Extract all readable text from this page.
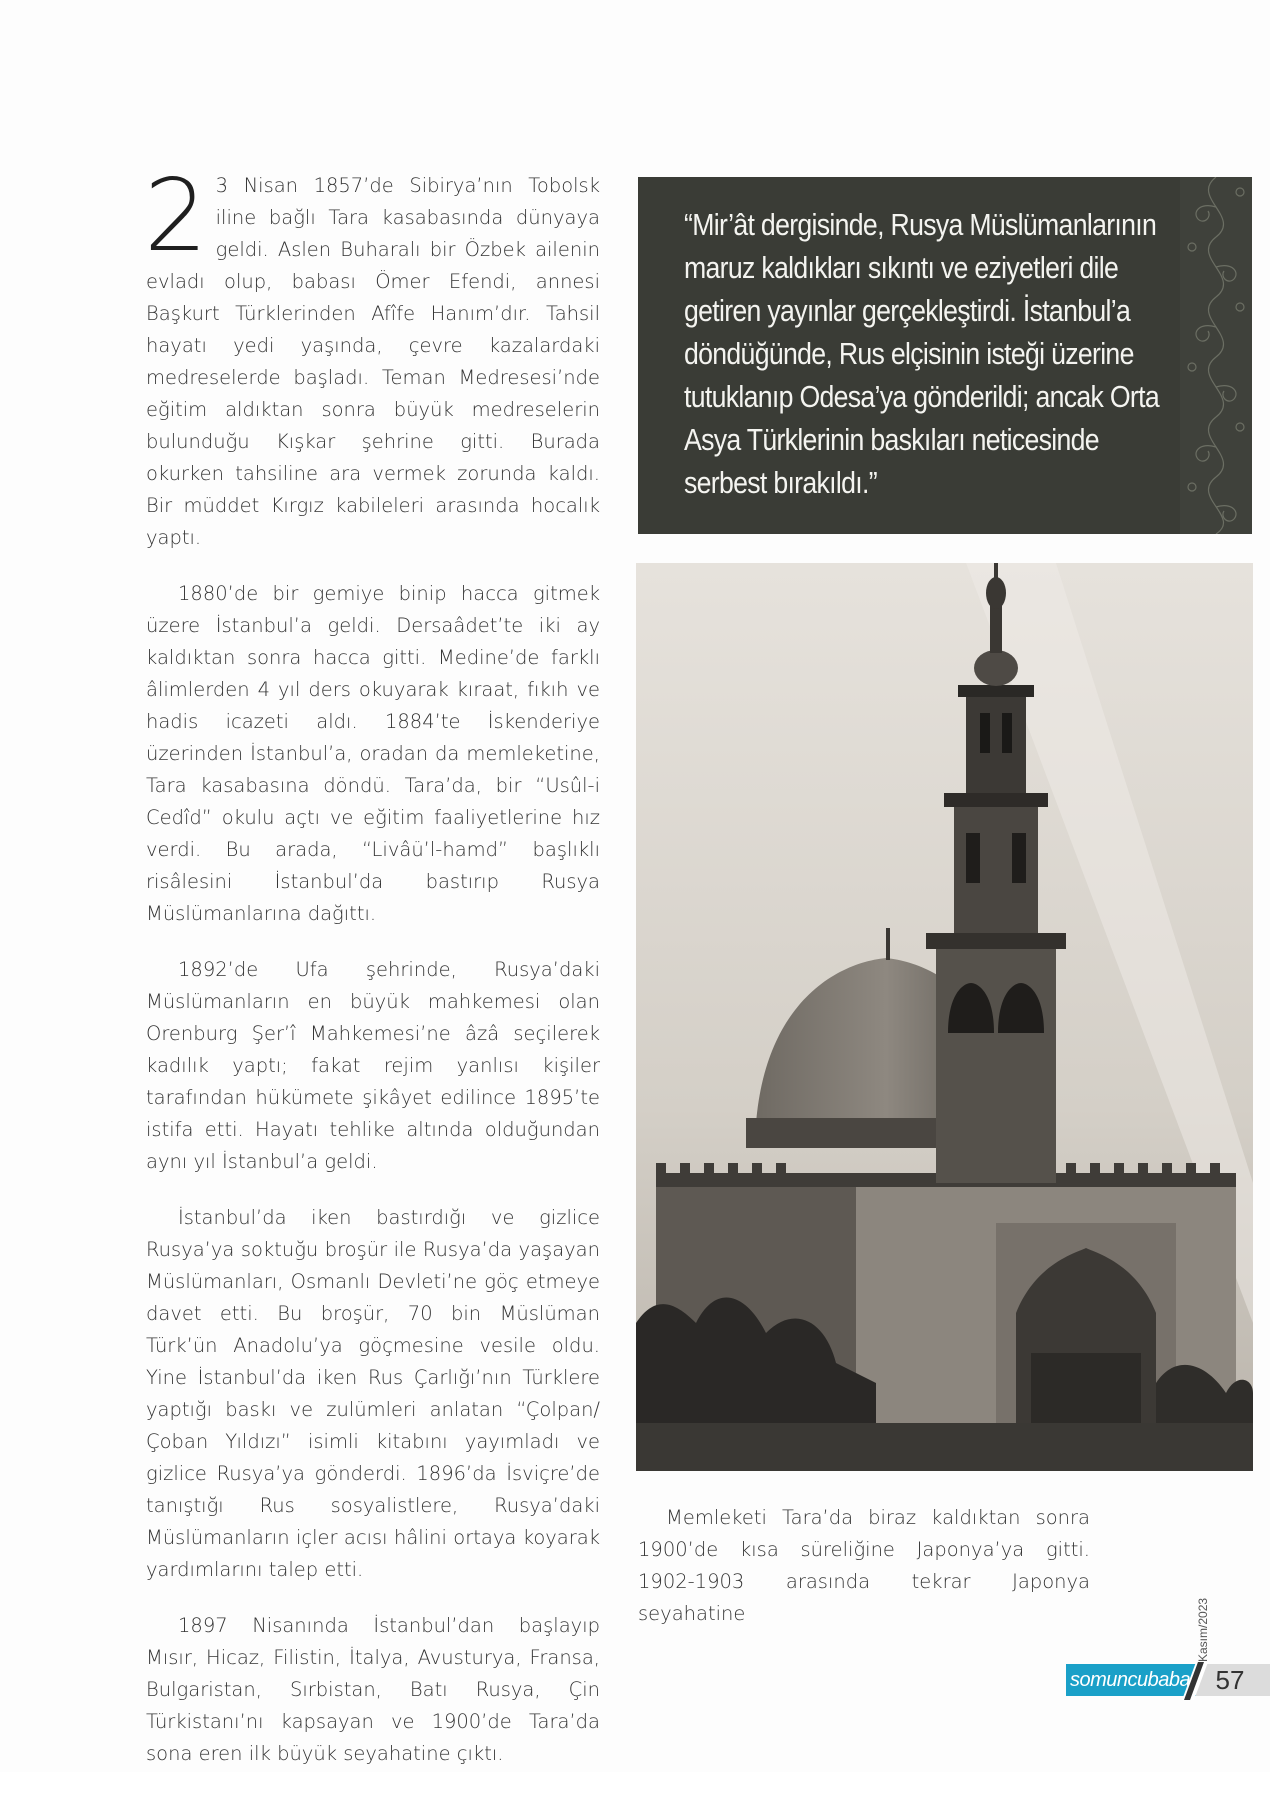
2 3 Nisan 1857’de Sibirya’nın Tobolsk iline bağlı Tara kasabasında dünyaya geldi. Aslen Buharalı bir Özbek ailenin evladı olup, babası Ömer Efendi, annesi Başkurt Türklerinden Afîfe Hanım’dır. Tahsil hayatı yedi yaşında, çevre kazalardaki medreselerde başladı. Teman Medresesi’nde eğitim aldıktan sonra büyük medreselerin bulunduğu Kışkar şehrine gitti. Burada okurken tahsiline ara vermek zorunda kaldı. Bir müddet Kırgız kabileleri arasında hocalık yaptı.

1880’de bir gemiye binip hacca gitmek üzere İstanbul’a geldi. Dersaâdet’te iki ay kaldıktan sonra hacca gitti. Medine’de farklı âlimlerden 4 yıl ders okuyarak kıraat, fıkıh ve hadis icazeti aldı. 1884’te İskenderiye üzerinden İstanbul’a, oradan da memleketine, Tara kasabasına döndü. Tara’da, bir “Usûl-i Cedîd” okulu açtı ve eğitim faaliyetlerine hız verdi. Bu arada, “Livâü’l-hamd” başlıklı risâlesini İstanbul’da bastırıp Rusya Müslümanlarına dağıttı.

1892’de Ufa şehrinde, Rusya’daki Müslümanların en büyük mahkemesi olan Orenburg Şer’î Mahkemesi’ne âzâ seçilerek kadılık yaptı; fakat rejim yanlısı kişiler tarafından hükümete şikâyet edilince 1895’te istifa etti. Hayatı tehlike altında olduğundan aynı yıl İstanbul’a geldi.

İstanbul’da iken bastırdığı ve gizlice Rusya’ya soktuğu broşür ile Rusya’da yaşayan Müslümanları, Osmanlı Devleti’ne göç etmeye davet etti. Bu broşür, 70 bin Müslüman Türk’ün Anadolu’ya göçmesine vesile oldu. Yine İstanbul’da iken Rus Çarlığı’nın Türklere yaptığı baskı ve zulümleri anlatan “Çolpan/Çoban Yıldızı” isimli kitabını yayımladı ve gizlice Rusya’ya gönderdi. 1896’da İsviçre’de tanıştığı Rus sosyalistlere, Rusya’daki Müslümanların içler acısı hâlini ortaya koyarak yardımlarını talep etti.

1897 Nisanında İstanbul’dan başlayıp Mısır, Hicaz, Filistin, İtalya, Avusturya, Fransa, Bulgaristan, Sırbistan, Batı Rusya, Çin Türkistanı’nı kapsayan ve 1900’de Tara’da sona eren ilk büyük seyahatine çıktı.

“Mir’ât dergisinde, Rusya Müslümanlarının maruz kaldıkları sıkıntı ve eziyetleri dile getiren yayınlar gerçekleştirdi. İstanbul’a döndüğünde, Rus elçisinin isteği üzerine tutuklanıp Odesa’ya gönderildi; ancak Orta Asya Türklerinin baskıları neticesinde serbest bırakıldı.”

Memleketi Tara’da biraz kaldıktan sonra 1900’de kısa süreliğine Japonya’ya gitti. 1902-1903 arasında tekrar Japonya seyahatine	Kasım/2023
somuncubaba 57
